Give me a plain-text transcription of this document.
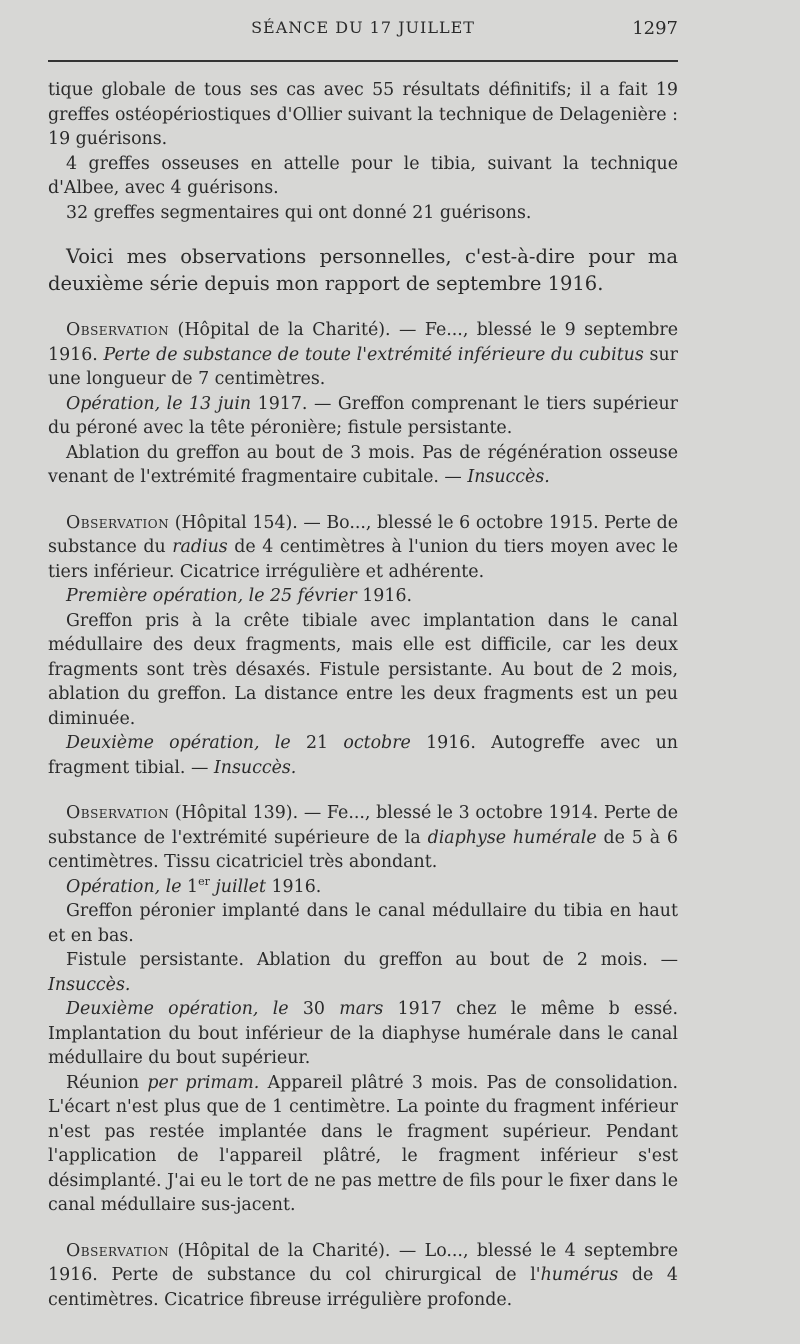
SÉANCE DU 17 JUILLET	1297

tique globale de tous ses cas avec 55 résultats définitifs; il a fait 19 greffes ostéopériostiques d'Ollier suivant la technique de Delagenière : 19 guérisons.

4 greffes osseuses en attelle pour le tibia, suivant la technique d'Albee, avec 4 guérisons.

32 greffes segmentaires qui ont donné 21 guérisons.

Voici mes observations personnelles, c'est-à-dire pour ma deuxième série depuis mon rapport de septembre 1916.

Observation (Hôpital de la Charité). — Fe..., blessé le 9 septembre 1916. Perte de substance de toute l'extrémité inférieure du cubitus sur une longueur de 7 centimètres.

Opération, le 13 juin 1917. — Greffon comprenant le tiers supérieur du péroné avec la tête péronière; fistule persistante.

Ablation du greffon au bout de 3 mois. Pas de régénération osseuse venant de l'extrémité fragmentaire cubitale. — Insuccès.

Observation (Hôpital 154). — Bo..., blessé le 6 octobre 1915. Perte de substance du radius de 4 centimètres à l'union du tiers moyen avec le tiers inférieur. Cicatrice irrégulière et adhérente.

Première opération, le 25 février 1916.

Greffon pris à la crête tibiale avec implantation dans le canal médullaire des deux fragments, mais elle est difficile, car les deux fragments sont très désaxés. Fistule persistante. Au bout de 2 mois, ablation du greffon. La distance entre les deux fragments est un peu diminuée.

Deuxième opération, le 21 octobre 1916. Autogreffe avec un fragment tibial. — Insuccès.

Observation (Hôpital 139). — Fe..., blessé le 3 octobre 1914. Perte de substance de l'extrémité supérieure de la diaphyse humérale de 5 à 6 centimètres. Tissu cicatriciel très abondant.

Opération, le 1er juillet 1916.

Greffon péronier implanté dans le canal médullaire du tibia en haut et en bas.

Fistule persistante. Ablation du greffon au bout de 2 mois. — Insuccès.

Deuxième opération, le 30 mars 1917 chez le même b essé. Implantation du bout inférieur de la diaphyse humérale dans le canal médullaire du bout supérieur.

Réunion per primam. Appareil plâtré 3 mois. Pas de consolidation. L'écart n'est plus que de 1 centimètre. La pointe du fragment inférieur n'est pas restée implantée dans le fragment supérieur. Pendant l'application de l'appareil plâtré, le fragment inférieur s'est désimplanté. J'ai eu le tort de ne pas mettre de fils pour le fixer dans le canal médullaire sus-jacent.

Observation (Hôpital de la Charité). — Lo..., blessé le 4 septembre 1916. Perte de substance du col chirurgical de l'humérus de 4 centimètres. Cicatrice fibreuse irrégulière profonde.
